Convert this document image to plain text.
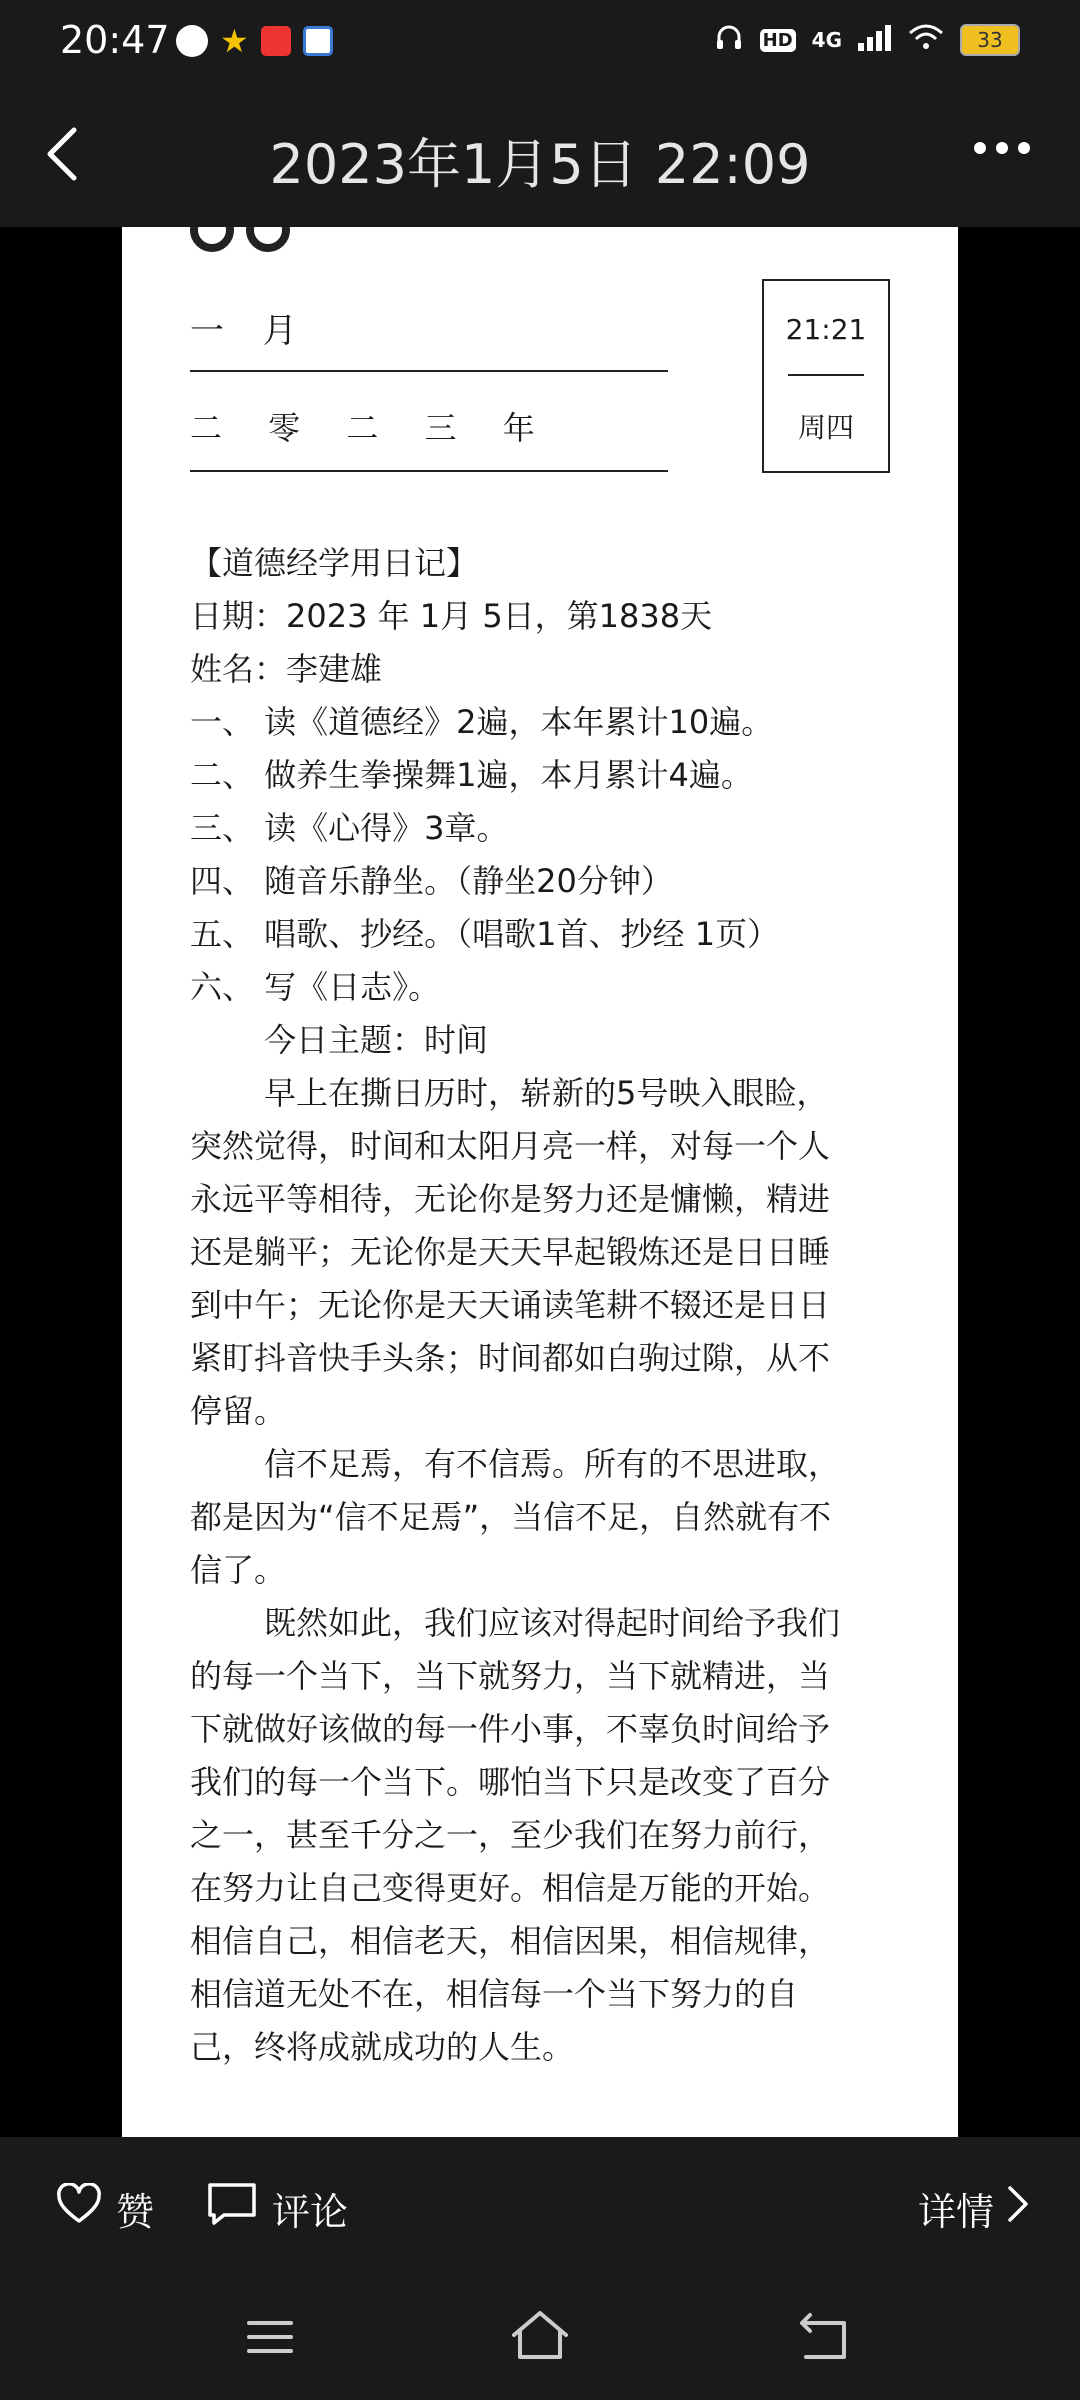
20:47 ★	HD 4G	33
2023年1月5日 22:09
一 月
二 零 二 三 年
21:21
周四
【道德经学用日记】
日期：2023 年 1月 5日，第1838天
姓名：李建雄
一、 读《道德经》2遍，本年累计10遍。
二、 做养生拳操舞1遍，本月累计4遍。
三、 读《心得》3章。
四、 随音乐静坐。（静坐20分钟）
五、 唱歌、抄经。（唱歌1首、抄经 1页）
六、 写《日志》。
今日主题：时间
早上在撕日历时，崭新的5号映入眼睑，
突然觉得，时间和太阳月亮一样，对每一个人
永远平等相待，无论你是努力还是慵懒，精进
还是躺平；无论你是天天早起锻炼还是日日睡
到中午；无论你是天天诵读笔耕不辍还是日日
紧盯抖音快手头条；时间都如白驹过隙，从不
停留。
信不足焉，有不信焉。所有的不思进取，
都是因为“信不足焉”，当信不足，自然就有不
信了。
既然如此，我们应该对得起时间给予我们
的每一个当下，当下就努力，当下就精进，当
下就做好该做的每一件小事，不辜负时间给予
我们的每一个当下。哪怕当下只是改变了百分
之一，甚至千分之一，至少我们在努力前行，
在努力让自己变得更好。相信是万能的开始。
相信自己，相信老天，相信因果，相信规律，
相信道无处不在，相信每一个当下努力的自
己，终将成就成功的人生。
赞	评论	详情
